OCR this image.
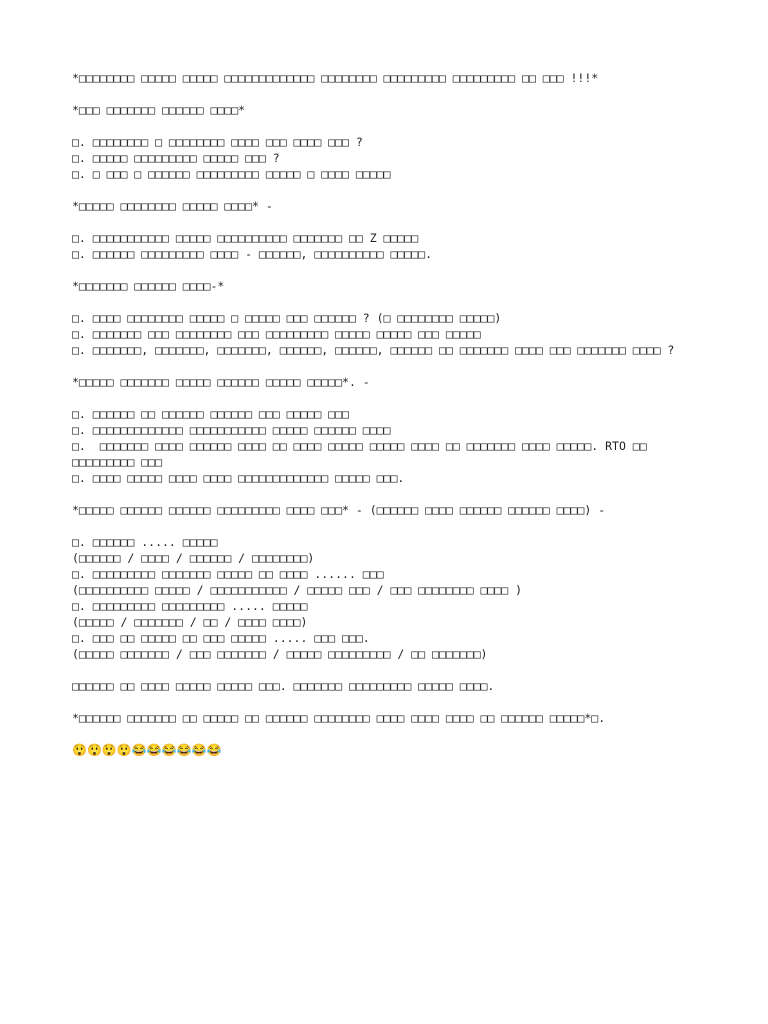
*□□□□□□□□ □□□□□ □□□□□ □□□□□□□□□□□□□ □□□□□□□□ □□□□□□□□□ □□□□□□□□□ □□ □□□ !!!*

*□□□ □□□□□□□ □□□□□□ □□□□*

□. □□□□□□□□ □ □□□□□□□□ □□□□ □□□ □□□□ □□□ ?

□. □□□□□ □□□□□□□□□ □□□□□ □□□ ?

□. □ □□□ □ □□□□□□ □□□□□□□□□ □□□□□ □ □□□□ □□□□□

*□□□□□ □□□□□□□□ □□□□□ □□□□* -

□. □□□□□□□□□□□ □□□□□ □□□□□□□□□□ □□□□□□□ □□ Z □□□□□

□. □□□□□□ □□□□□□□□□ □□□□ - □□□□□□, □□□□□□□□□□ □□□□□.

*□□□□□□□ □□□□□□ □□□□-*

□. □□□□ □□□□□□□□ □□□□□ □ □□□□□ □□□ □□□□□□ ? (□ □□□□□□□□ □□□□□)

□. □□□□□□□ □□□ □□□□□□□□ □□□ □□□□□□□□□ □□□□□ □□□□□ □□□ □□□□□

□. □□□□□□□, □□□□□□□, □□□□□□□, □□□□□□, □□□□□□, □□□□□□ □□ □□□□□□□ □□□□ □□□ □□□□□□□ □□□□ ?

*□□□□□ □□□□□□□ □□□□□ □□□□□□ □□□□□ □□□□□*. -

□. □□□□□□ □□ □□□□□□ □□□□□□ □□□ □□□□□ □□□

□. □□□□□□□□□□□□□ □□□□□□□□□□□ □□□□□ □□□□□□ □□□□

□.  □□□□□□□ □□□□ □□□□□□ □□□□ □□ □□□□ □□□□□ □□□□□ □□□□ □□ □□□□□□□ □□□□ □□□□□. RTO □□ □□□□□□□□□ □□□

□. □□□□ □□□□□ □□□□ □□□□ □□□□□□□□□□□□□ □□□□□ □□□.

*□□□□□ □□□□□□ □□□□□□ □□□□□□□□□ □□□□ □□□* - (□□□□□□ □□□□ □□□□□□ □□□□□□ □□□□) -

□. □□□□□□ ..... □□□□□

(□□□□□□ / □□□□ / □□□□□□ / □□□□□□□□)

□. □□□□□□□□□ □□□□□□□ □□□□□ □□ □□□□ ...... □□□

(□□□□□□□□□□ □□□□□ / □□□□□□□□□□□ / □□□□□ □□□ / □□□ □□□□□□□□ □□□□ )

□. □□□□□□□□□ □□□□□□□□□ ..... □□□□□

(□□□□□ / □□□□□□□ / □□ / □□□□ □□□□)

□. □□□ □□ □□□□□ □□ □□□ □□□□□ ..... □□□ □□□.

(□□□□□ □□□□□□□ / □□□ □□□□□□□ / □□□□□ □□□□□□□□□ / □□ □□□□□□□)

□□□□□□ □□ □□□□ □□□□□ □□□□□ □□□. □□□□□□□ □□□□□□□□□ □□□□□ □□□□.

*□□□□□□ □□□□□□□ □□ □□□□□ □□ □□□□□□ □□□□□□□□ □□□□ □□□□ □□□□ □□ □□□□□□ □□□□□*□.

😲😲😲😲😂😂😂😂😂😂
